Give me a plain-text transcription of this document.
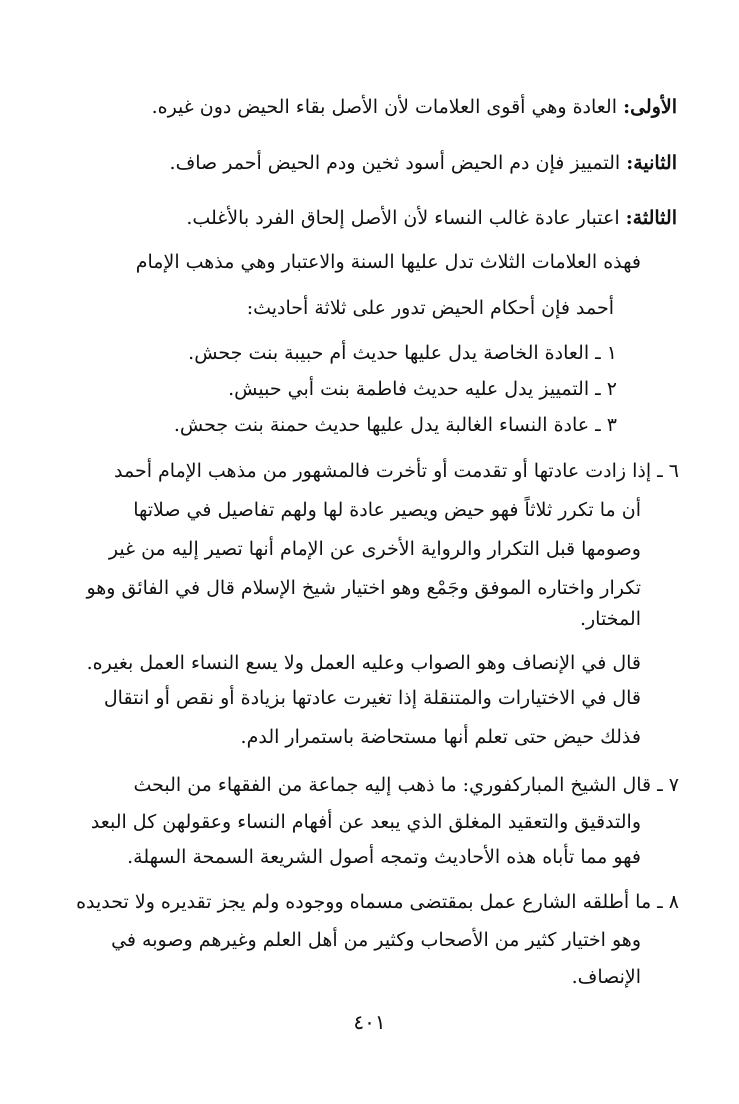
الأولى: العادة وهي أقوى العلامات لأن الأصل بقاء الحيض دون غيره.
الثانية: التمييز فإن دم الحيض أسود ثخين ودم الحيض أحمر صاف.
الثالثة: اعتبار عادة غالب النساء لأن الأصل إلحاق الفرد بالأغلب.
فهذه العلامات الثلاث تدل عليها السنة والاعتبار وهي مذهب الإمام
أحمد فإن أحكام الحيض تدور على ثلاثة أحاديث:
١ ـ العادة الخاصة يدل عليها حديث أم حبيبة بنت جحش.
٢ ـ التمييز يدل عليه حديث فاطمة بنت أبي حبيش.
٣ ـ عادة النساء الغالبة يدل عليها حديث حمنة بنت جحش.
٦ ـ إذا زادت عادتها أو تقدمت أو تأخرت فالمشهور من مذهب الإمام أحمد
أن ما تكرر ثلاثاً فهو حيض ويصير عادة لها ولهم تفاصيل في صلاتها
وصومها قبل التكرار والرواية الأخرى عن الإمام أنها تصير إليه من غير
تكرار واختاره الموفق وجَمْع وهو اختيار شيخ الإسلام قال في الفائق وهو
المختار.
قال في الإنصاف وهو الصواب وعليه العمل ولا يسع النساء العمل بغيره.
قال في الاختيارات والمتنقلة إذا تغيرت عادتها بزيادة أو نقص أو انتقال
فذلك حيض حتى تعلم أنها مستحاضة باستمرار الدم.
٧ ـ قال الشيخ المباركفوري: ما ذهب إليه جماعة من الفقهاء من البحث
والتدقيق والتعقيد المغلق الذي يبعد عن أفهام النساء وعقولهن كل البعد
فهو مما تأباه هذه الأحاديث وتمجه أصول الشريعة السمحة السهلة.
٨ ـ ما أطلقه الشارع عمل بمقتضى مسماه ووجوده ولم يجز تقديره ولا تحديده
وهو اختيار كثير من الأصحاب وكثير من أهل العلم وغيرهم وصوبه في
الإنصاف.
٤٠١
